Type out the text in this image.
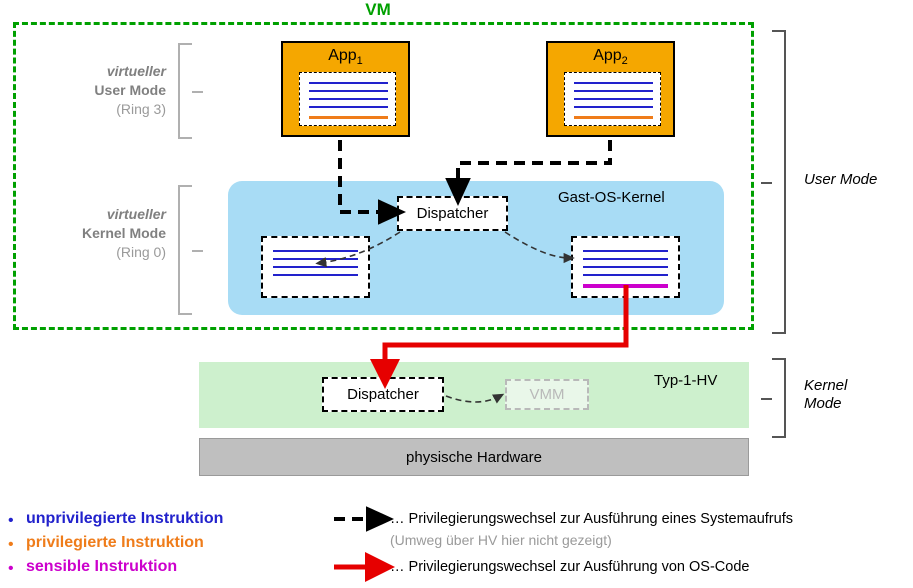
VM
virtueller
User Mode
(Ring 3)
virtueller
Kernel Mode
(Ring 0)
App$_1$	App$_2$
Gast-OS-Kernel
Dispatcher
Typ-1-HV
Dispatcher	VMM
physische Hardware
User Mode
Kernel
Mode
• unprivilegierte Instruktion
• privilegierte Instruktion
• sensible Instruktion
… Privilegierungswechsel zur Ausführung eines Systemaufrufs
(Umweg über HV hier nicht gezeigt)
… Privilegierungswechsel zur Ausführung von OS-Code
